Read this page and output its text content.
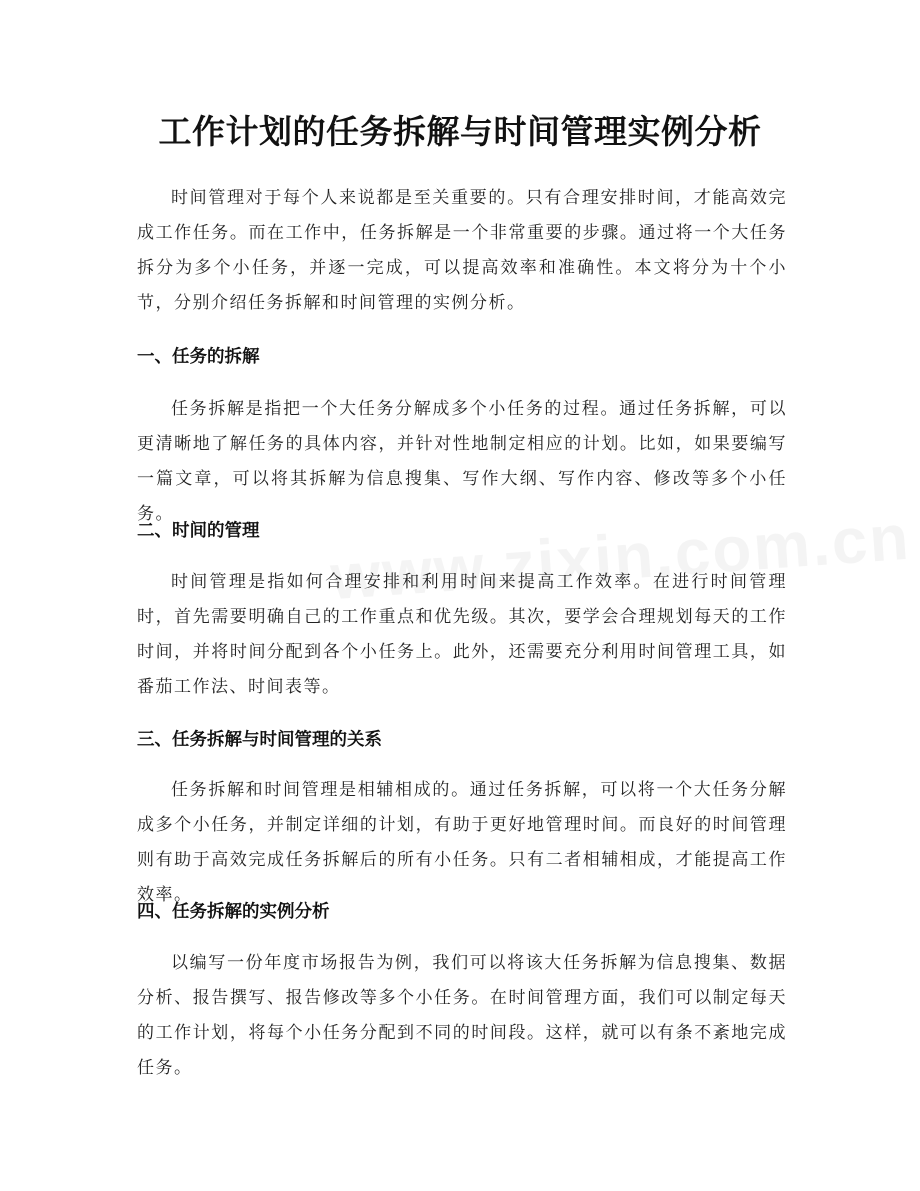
工作计划的任务拆解与时间管理实例分析

时间管理对于每个人来说都是至关重要的。只有合理安排时间，才能高效完成工作任务。而在工作中，任务拆解是一个非常重要的步骤。通过将一个大任务拆分为多个小任务，并逐一完成，可以提高效率和准确性。本文将分为十个小节，分别介绍任务拆解和时间管理的实例分析。

一、任务的拆解

任务拆解是指把一个大任务分解成多个小任务的过程。通过任务拆解，可以更清晰地了解任务的具体内容，并针对性地制定相应的计划。比如，如果要编写一篇文章，可以将其拆解为信息搜集、写作大纲、写作内容、修改等多个小任务。

二、时间的管理

时间管理是指如何合理安排和利用时间来提高工作效率。在进行时间管理时，首先需要明确自己的工作重点和优先级。其次，要学会合理规划每天的工作时间，并将时间分配到各个小任务上。此外，还需要充分利用时间管理工具，如番茄工作法、时间表等。

三、任务拆解与时间管理的关系

任务拆解和时间管理是相辅相成的。通过任务拆解，可以将一个大任务分解成多个小任务，并制定详细的计划，有助于更好地管理时间。而良好的时间管理则有助于高效完成任务拆解后的所有小任务。只有二者相辅相成，才能提高工作效率。

四、任务拆解的实例分析

以编写一份年度市场报告为例，我们可以将该大任务拆解为信息搜集、数据分析、报告撰写、报告修改等多个小任务。在时间管理方面，我们可以制定每天的工作计划，将每个小任务分配到不同的时间段。这样，就可以有条不紊地完成任务。
